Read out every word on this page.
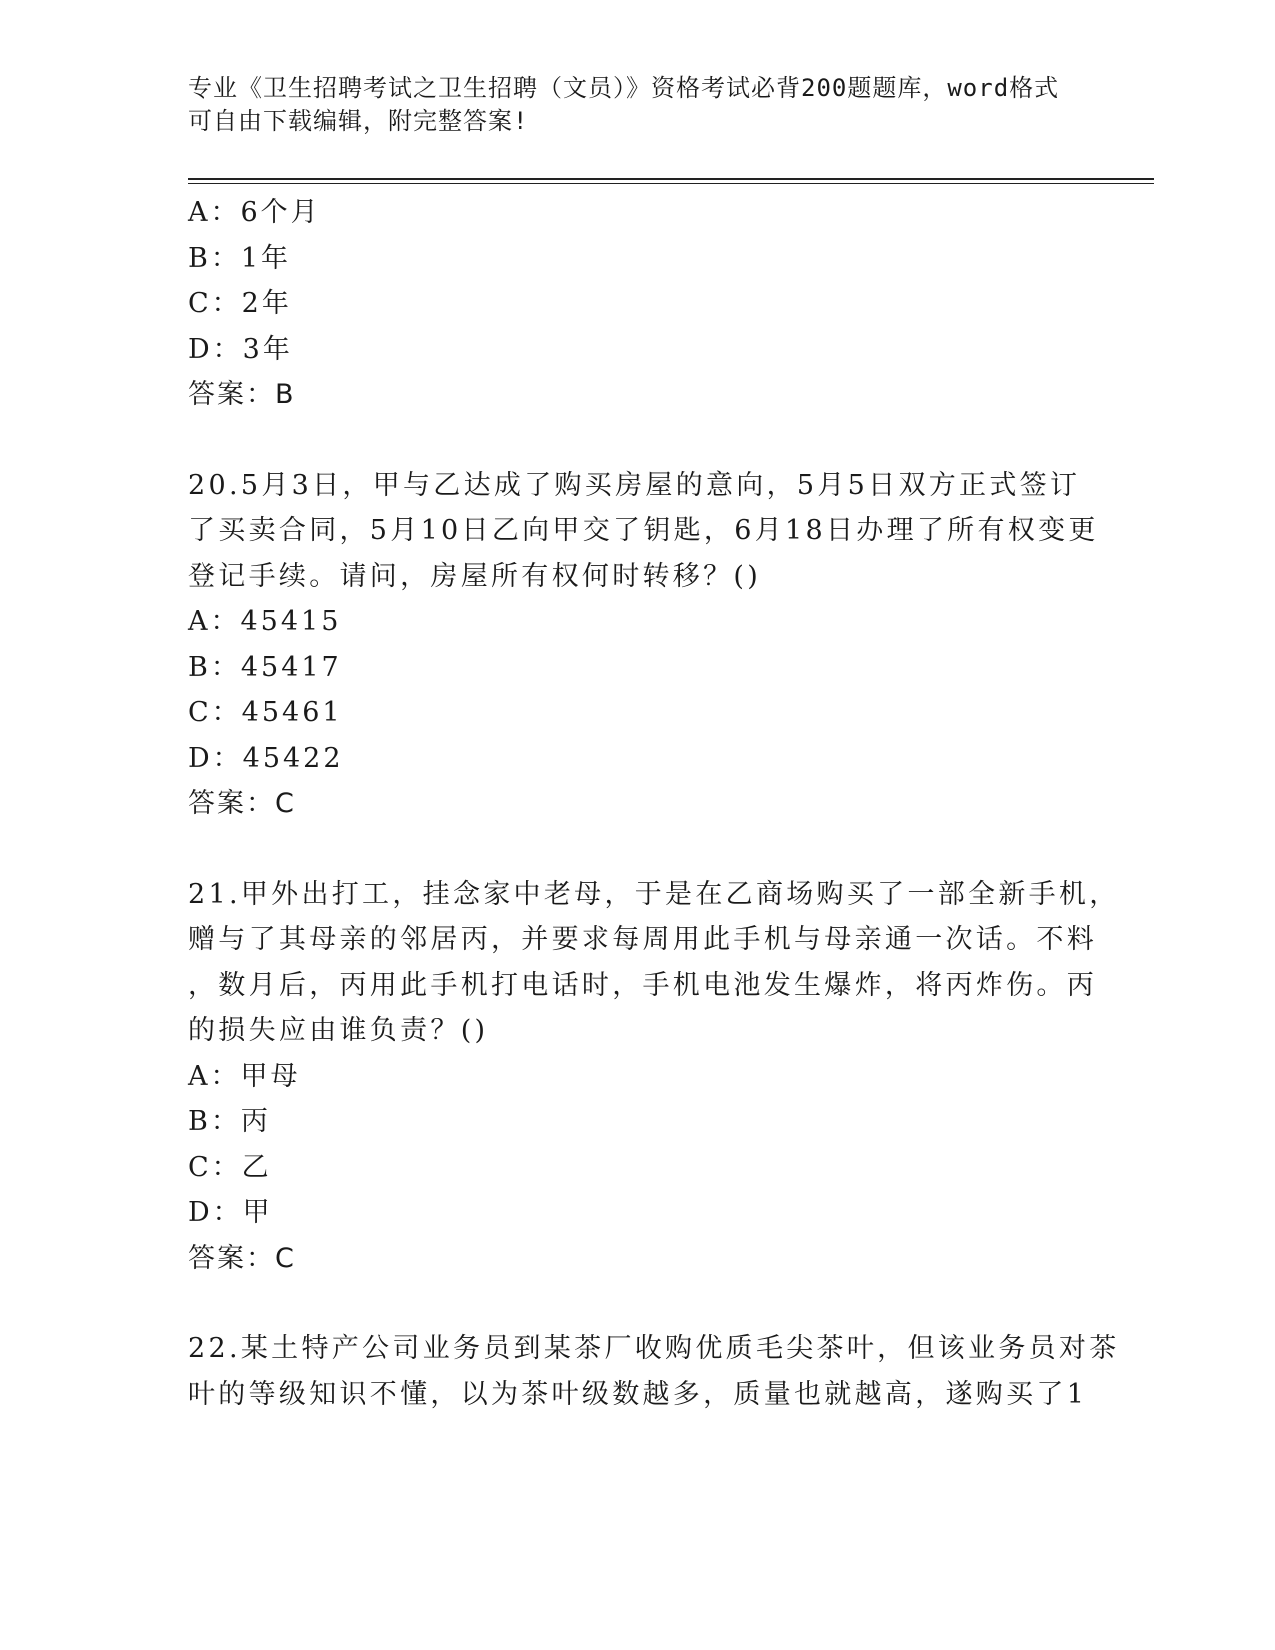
专业《卫生招聘考试之卫生招聘（文员）》资格考试必背200题题库，word格式
可自由下载编辑，附完整答案!
A：6个月
B：1年
C：2年
D：3年
答案：B
20.5月3日，甲与乙达成了购买房屋的意向，5月5日双方正式签订
了买卖合同，5月10日乙向甲交了钥匙，6月18日办理了所有权变更
登记手续。请问，房屋所有权何时转移？()
A：45415
B：45417
C：45461
D：45422
答案：C
21.甲外出打工，挂念家中老母，于是在乙商场购买了一部全新手机，
赠与了其母亲的邻居丙，并要求每周用此手机与母亲通一次话。不料
，数月后，丙用此手机打电话时，手机电池发生爆炸，将丙炸伤。丙
的损失应由谁负责？()
A：甲母
B：丙
C：乙
D：甲
答案：C
22.某土特产公司业务员到某茶厂收购优质毛尖茶叶，但该业务员对茶
叶的等级知识不懂，以为茶叶级数越多，质量也就越高，遂购买了1
